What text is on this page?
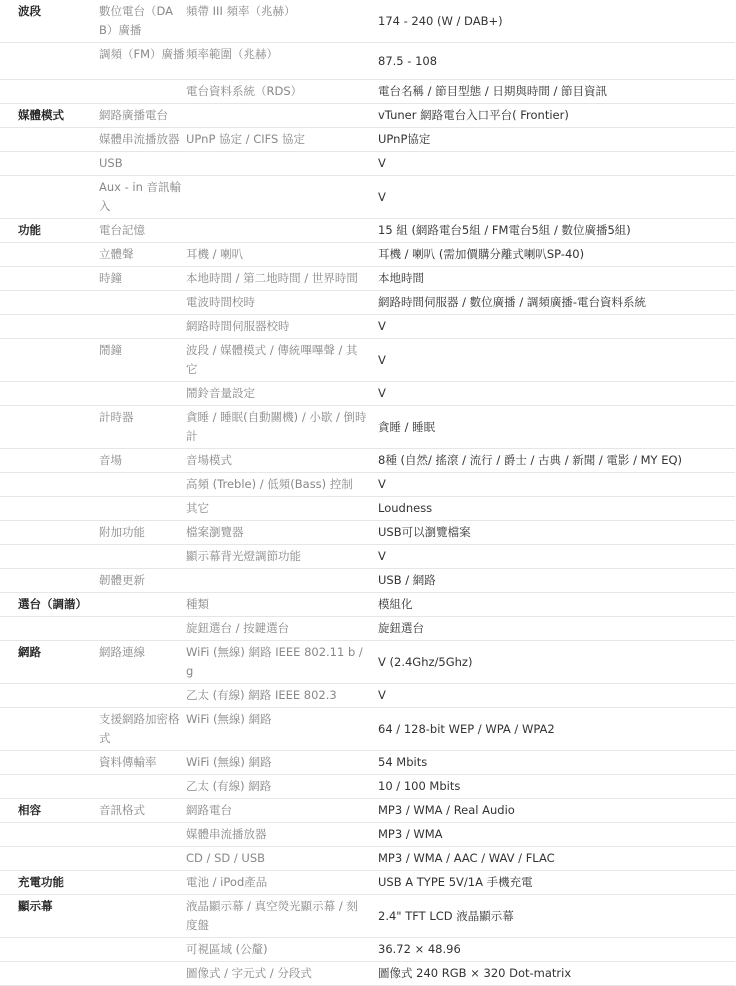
波段	數位電台（DAB）廣播	頻帶 III 頻率（兆赫）	174 - 240 (W / DAB+)
	調頻（FM）廣播	頻率範圍（兆赫）	87.5 - 108
		電台資料系統（RDS）	電台名稱 / 節目型態 / 日期與時間 / 節目資訊
媒體模式	網路廣播電台		vTuner 網路電台入口平台( Frontier)
	媒體串流播放器	UPnP 協定 / CIFS 協定	UPnP協定
	USB		V
	Aux - in 音訊輸入		V
功能	電台記憶		15 組 (網路電台5組 / FM電台5組 / 數位廣播5組)
	立體聲	耳機 / 喇叭	耳機 / 喇叭 (需加價購分離式喇叭SP-40)
	時鐘	本地時間 / 第二地時間 / 世界時間	本地時間
		電波時間校時	網路時間伺服器 / 數位廣播 / 調頻廣播-電台資料系統
		網路時間伺服器校時	V
	鬧鐘	波段 / 媒體模式 / 傳統嗶嗶聲 / 其它	V
		鬧鈴音量設定	V
	計時器	貪睡 / 睡眠(自動關機) / 小歇 / 倒時計	貪睡 / 睡眠
	音場	音場模式	8種 (自然/ 搖滾 / 流行 / 爵士 / 古典 / 新聞 / 電影 / MY EQ)
		高頻 (Treble) / 低頻(Bass) 控制	V
		其它	Loudness
	附加功能	檔案瀏覽器	USB可以瀏覽檔案
		顯示幕背光燈調節功能	V
	韌體更新		USB / 網路
選台（調諧）		種類	模組化
		旋鈕選台 / 按鍵選台	旋鈕選台
網路	網路連線	WiFi (無線) 網路 IEEE 802.11 b / g	V (2.4Ghz/5Ghz)
		乙太 (有線) 網路 IEEE 802.3	V
	支援網路加密格式	WiFi (無線) 網路	64 / 128-bit WEP / WPA / WPA2
	資料傳輸率	WiFi (無線) 網路	54 Mbits
		乙太 (有線) 網路	10 / 100 Mbits
相容	音訊格式	網路電台	MP3 / WMA / Real Audio
		媒體串流播放器	MP3 / WMA
		CD / SD / USB	MP3 / WMA / AAC / WAV / FLAC
充電功能		電池 / iPod產品	USB A TYPE 5V/1A 手機充電
顯示幕		液晶顯示幕 / 真空熒光顯示幕 / 刻度盤	2.4" TFT LCD 液晶顯示幕
		可視區域 (公釐)	36.72 × 48.96
		圖像式 / 字元式 / 分段式	圖像式 240 RGB × 320 Dot-matrix
